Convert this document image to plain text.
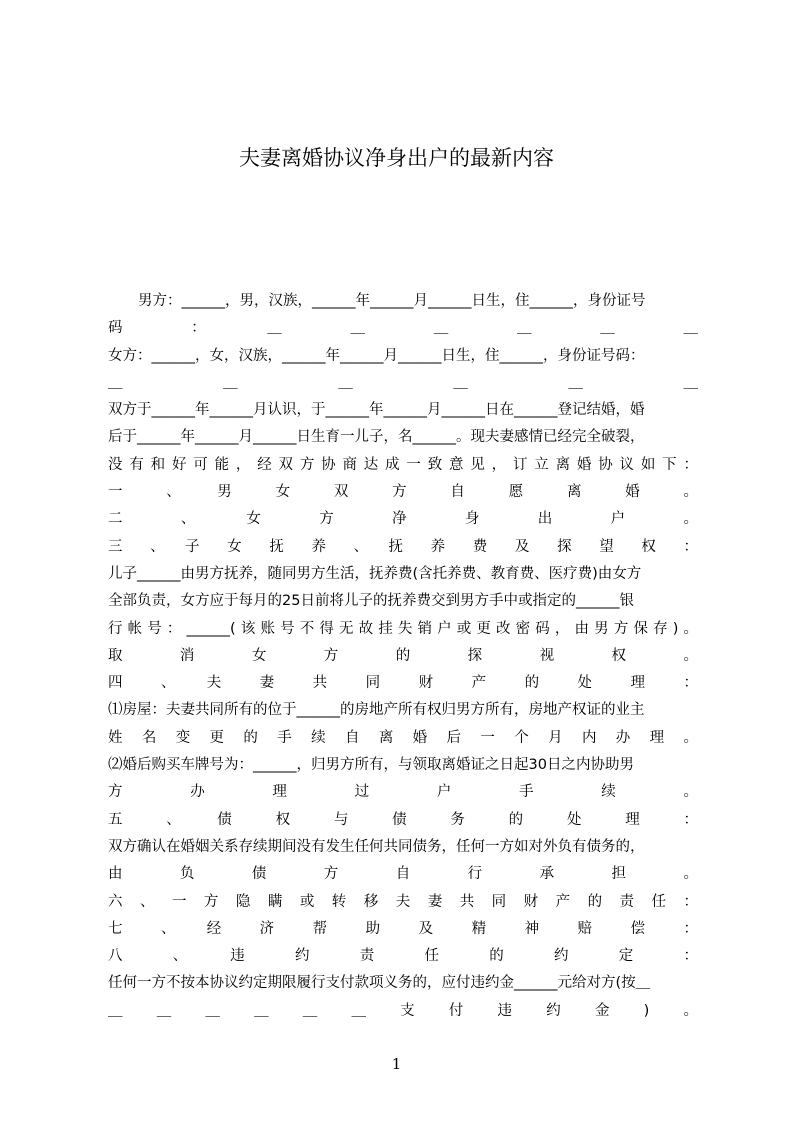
夫妻离婚协议净身出户的最新内容
男方：______，男，汉族，______年______月______日生，住______，身份证号
码　　：　　＿　　＿　　＿　　＿　　＿　　＿
女方：______，女，汉族，______年______月______日生，住______，身份证号码：
＿　　＿　　＿　　＿　　＿　　＿
双方于______年______月认识，于______年______月______日在______登记结婚，婚
后于______年______月______日生育一儿子，名______。现夫妻感情已经完全破裂，
没有和好可能，经双方协商达成一致意见，订立离婚协议如下：
一　、　男　女　双　方　自　愿　离　婚　。
二　、　女　方　净　身　出　户　。
三　、　子　女　抚　养　、　抚　养　费　及　探　望　权　：
儿子______由男方抚养，随同男方生活，抚养费(含托养费、教育费、医疗费)由女方
全部负责，女方应于每月的25日前将儿子的抚养费交到男方手中或指定的______银
行帐号：______(该账号不得无故挂失销户或更改密码，由男方保存)。
取　消　女　方　的　探　视　权　。
四　、　夫　妻　共　同　财　产　的　处　理　：
⑴房屋：夫妻共同所有的位于______的房地产所有权归男方所有，房地产权证的业主
姓名变更的手续自离婚后一个月内办理。
⑵婚后购买车牌号为：______，归男方所有，与领取离婚证之日起30日之内协助男
方　办　理　过　户　手　续　。
五　、　债　权　与　债　务　的　处　理　：
双方确认在婚姻关系存续期间没有发生任何共同债务，任何一方如对外负有债务的，
由　负　债　方　自　行　承　担　。
六、一方隐瞒或转移夫妻共同财产的责任：
七　、　经　济　帮　助　及　精　神　赔　偿　：
八　、　违　约　责　任　的　约　定　：
任何一方不按本协议约定期限履行支付款项义务的，应付违约金______元给对方(按＿
＿　＿　＿　＿　＿　＿　支　付　违　约　金　)　。
1
